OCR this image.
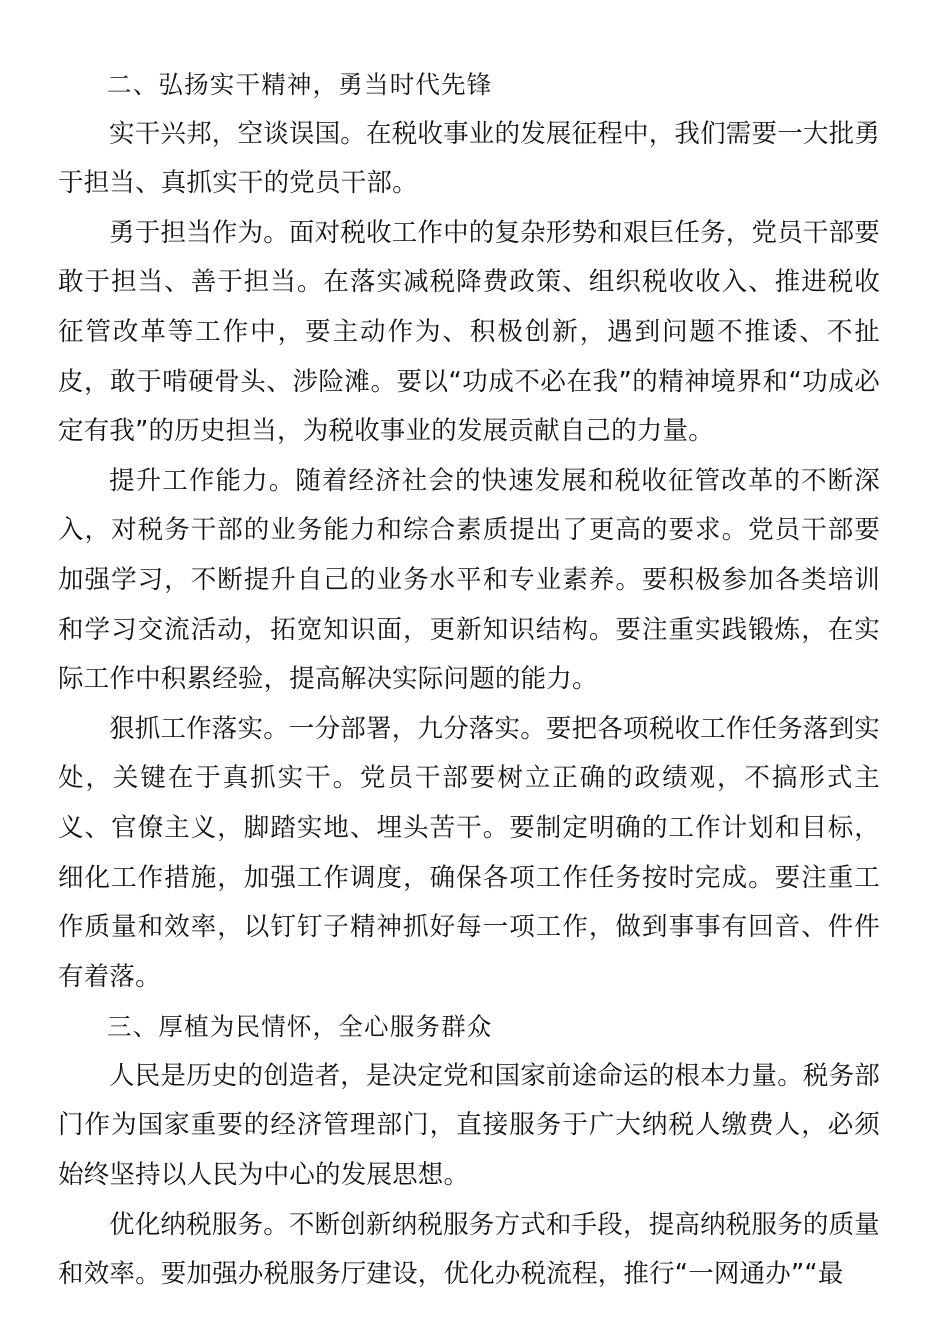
二、弘扬实干精神，勇当时代先锋

实干兴邦，空谈误国。在税收事业的发展征程中，我们需要一大批勇于担当、真抓实干的党员干部。

勇于担当作为。面对税收工作中的复杂形势和艰巨任务，党员干部要敢于担当、善于担当。在落实减税降费政策、组织税收收入、推进税收征管改革等工作中，要主动作为、积极创新，遇到问题不推诿、不扯皮，敢于啃硬骨头、涉险滩。要以“功成不必在我”的精神境界和“功成必定有我”的历史担当，为税收事业的发展贡献自己的力量。

提升工作能力。随着经济社会的快速发展和税收征管改革的不断深入，对税务干部的业务能力和综合素质提出了更高的要求。党员干部要加强学习，不断提升自己的业务水平和专业素养。要积极参加各类培训和学习交流活动，拓宽知识面，更新知识结构。要注重实践锻炼，在实际工作中积累经验，提高解决实际问题的能力。

狠抓工作落实。一分部署，九分落实。要把各项税收工作任务落到实处，关键在于真抓实干。党员干部要树立正确的政绩观，不搞形式主义、官僚主义，脚踏实地、埋头苦干。要制定明确的工作计划和目标，细化工作措施，加强工作调度，确保各项工作任务按时完成。要注重工作质量和效率，以钉钉子精神抓好每一项工作，做到事事有回音、件件有着落。

三、厚植为民情怀，全心服务群众

人民是历史的创造者，是决定党和国家前途命运的根本力量。税务部门作为国家重要的经济管理部门，直接服务于广大纳税人缴费人，必须始终坚持以人民为中心的发展思想。

优化纳税服务。不断创新纳税服务方式和手段，提高纳税服务的质量和效率。要加强办税服务厅建设，优化办税流程，推行“一网通办”“最
